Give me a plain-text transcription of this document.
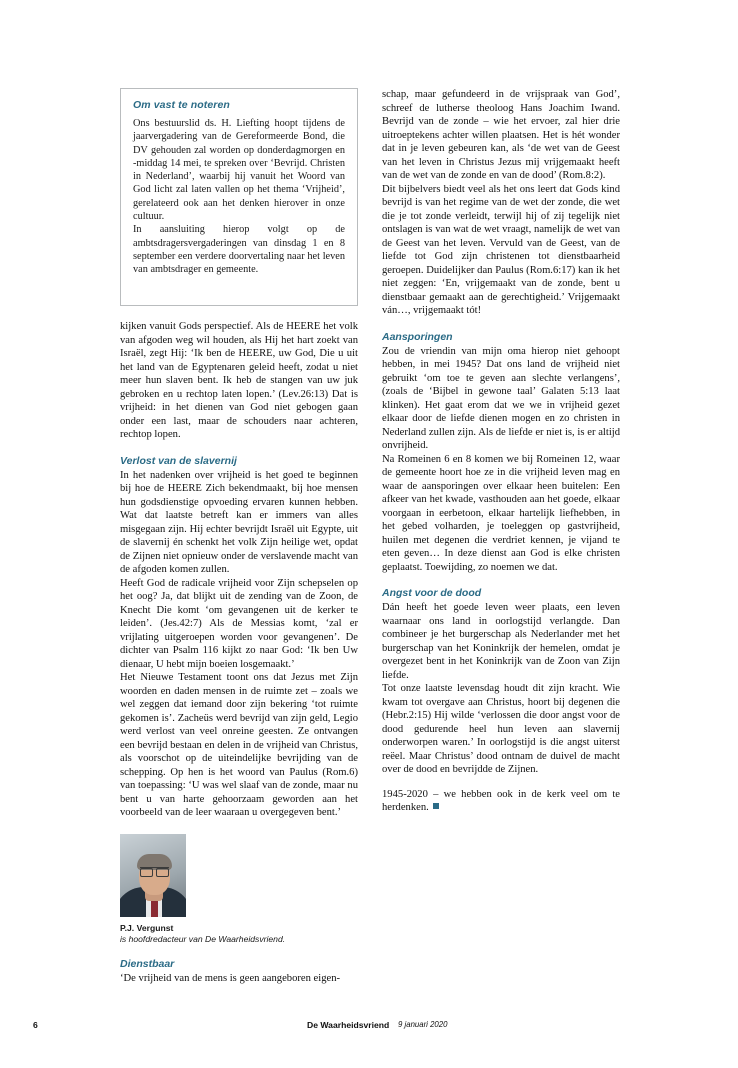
Om vast te noteren

Ons bestuurslid ds. H. Liefting hoopt tijdens de jaarvergadering van de Gereformeerde Bond, die DV gehouden zal worden op donderdagmorgen en -middag 14 mei, te spreken over ‘Bevrijd. Christen in Nederland’, waarbij hij vanuit het Woord van God licht zal laten vallen op het thema ‘Vrijheid’, gerelateerd ook aan het denken hierover in onze cultuur.

In aansluiting hierop volgt op de ambtsdragersvergaderingen van dinsdag 1 en 8 september een verdere doorvertaling naar het leven van ambtsdrager en gemeente.

kijken vanuit Gods perspectief. Als de HEERE het volk van afgoden weg wil houden, als Hij het hart zoekt van Israël, zegt Hij: ‘Ik ben de HEERE, uw God, Die u uit het land van de Egyptenaren geleid heeft, zodat u niet meer hun slaven bent. Ik heb de stangen van uw juk gebroken en u rechtop laten lopen.’ (Lev.26:13) Dat is vrijheid: in het dienen van God niet gebogen gaan onder een last, maar de schouders naar achteren, rechtop lopen.

Verlost van de slavernij

In het nadenken over vrijheid is het goed te beginnen bij hoe de HEERE Zich bekendmaakt, bij hoe mensen hun godsdienstige opvoeding ervaren kunnen hebben. Wat dat laatste betreft kan er immers van alles misgegaan zijn. Hij echter bevrijdt Israël uit Egypte, uit de slavernij én schenkt het volk Zijn heilige wet, opdat de Zijnen niet opnieuw onder de verslavende macht van de afgoden komen zullen.

Heeft God de radicale vrijheid voor Zijn schepselen op het oog? Ja, dat blijkt uit de zending van de Zoon, de Knecht Die komt ‘om gevangenen uit de kerker te leiden’. (Jes.42:7) Als de Messias komt, ‘zal er vrijlating uitgeroepen worden voor gevangenen’. De dichter van Psalm 116 kijkt zo naar God: ‘Ik ben Uw dienaar, U hebt mijn boeien losgemaakt.’

Het Nieuwe Testament toont ons dat Jezus met Zijn woorden en daden mensen in de ruimte zet – zoals we wel zeggen dat iemand door zijn bekering ‘tot ruimte gekomen is’. Zacheüs werd bevrijd van zijn geld, Legio werd verlost van veel onreine geesten. Ze ontvangen een bevrijd bestaan en delen in de vrijheid van Christus, als voorschot op de uiteindelijke bevrijding van de schepping. Op hen is het woord van Paulus (Rom.6) van toepassing: ‘U was wel slaaf van de zonde, maar nu bent u van harte gehoorzaam geworden aan het voorbeeld van de leer waaraan u overgegeven bent.’

P.J. Vergunst
is hoofdredacteur van De Waarheidsvriend.
Dienstbaar

‘De vrijheid van de mens is geen aangeboren eigen-

schap, maar gefundeerd in de vrijspraak van God’, schreef de lutherse theoloog Hans Joachim Iwand. Bevrijd van de zonde – wie het ervoer, zal hier drie uitroeptekens achter willen plaatsen. Het is hét wonder dat in je leven gebeuren kan, als ‘de wet van de Geest van het leven in Christus Jezus mij vrijgemaakt heeft van de wet van de zonde en van de dood’ (Rom.8:2).

Dit bijbelvers biedt veel als het ons leert dat Gods kind bevrijd is van het regime van de wet der zonde, die wet die je tot zonde verleidt, terwijl hij of zij tegelijk niet ontslagen is van wat de wet vraagt, namelijk de wet van de Geest van het leven. Vervuld van de Geest, van de liefde tot God zijn christenen tot dienstbaarheid geroepen. Duidelijker dan Paulus (Rom.6:17) kan ik het niet zeggen: ‘En, vrijgemaakt van de zonde, bent u dienstbaar gemaakt aan de gerechtigheid.’ Vrijgemaakt ván…, vrijgemaakt tót!

Aansporingen

Zou de vriendin van mijn oma hierop niet gehoopt hebben, in mei 1945? Dat ons land de vrijheid niet gebruikt ‘om toe te geven aan slechte verlangens’, (zoals de ‘Bijbel in gewone taal’ Galaten 5:13 laat klinken). Het gaat erom dat we we in vrijheid gezet elkaar door de liefde dienen mogen en zo christen in Nederland zullen zijn. Als de liefde er niet is, is er altijd onvrijheid.

Na Romeinen 6 en 8 komen we bij Romeinen 12, waar de gemeente hoort hoe ze in die vrijheid leven mag en waar de aansporingen over elkaar heen buitelen: Een afkeer van het kwade, vasthouden aan het goede, elkaar voorgaan in eerbetoon, elkaar hartelijk liefhebben, in het gebed volharden, je toeleggen op gastvrijheid, huilen met degenen die verdriet kennen, je vijand te eten geven… In deze dienst aan God is elke christen geplaatst. Toewijding, zo noemen we dat.

Angst voor de dood

Dán heeft het goede leven weer plaats, een leven waarnaar ons land in oorlogstijd verlangde. Dan combineer je het burgerschap als Nederlander met het burgerschap van het Koninkrijk der hemelen, omdat je overgezet bent in het Koninkrijk van de Zoon van Zijn liefde.

Tot onze laatste levensdag houdt dit zijn kracht. Wie kwam tot overgave aan Christus, hoort bij degenen die (Hebr.2:15) Hij wilde ‘verlossen die door angst voor de dood gedurende heel hun leven aan slavernij onderworpen waren.’ In oorlogstijd is die angst uiterst reëel. Maar Christus’ dood ontnam de duivel de macht over de dood en bevrijdde de Zijnen.

1945-2020 – we hebben ook in de kerk veel om te herdenken.

6	De Waarheidsvriend 9 januari 2020
